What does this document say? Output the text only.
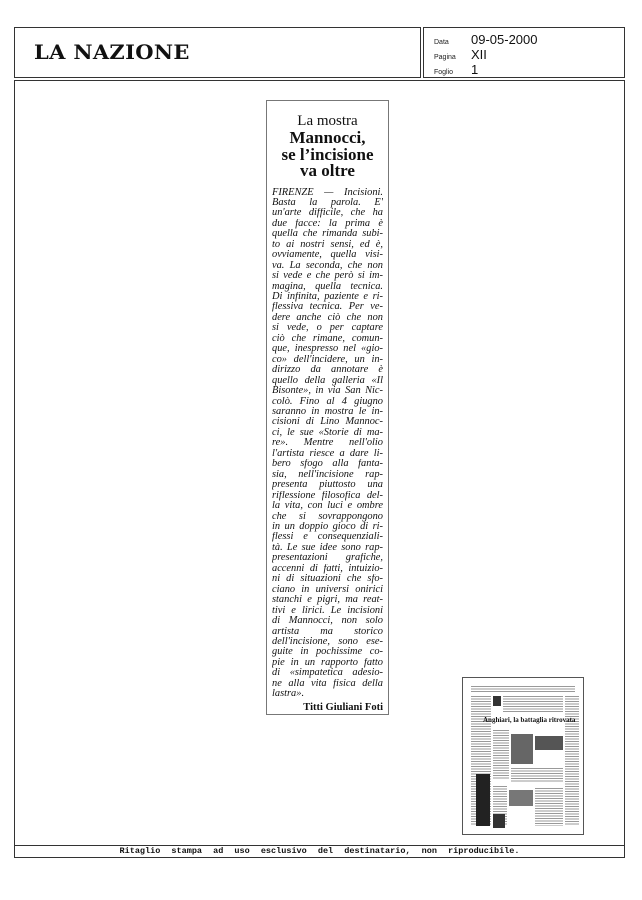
LA NAZIONE	Data	09-05-2000
Pagina	XII
Foglio	1
La mostra
Mannocci,
se l’incisione
va oltre
FIRENZE — Incisioni.
Basta la parola. E'
un'arte difficile, che ha
due facce: la prima è
quella che rimanda subi-
to ai nostri sensi, ed è,
ovviamente, quella visi-
va. La seconda, che non
si vede e che però si im-
magina, quella tecnica.
Di infinita, paziente e ri-
flessiva tecnica. Per ve-
dere anche ciò che non
si vede, o per captare
ciò che rimane, comun-
que, inespresso nel «gio-
co» dell'incidere, un in-
dirizzo da annotare è
quello della galleria «Il
Bisonte», in via San Nic-
colò. Fino al 4 giugno
saranno in mostra le in-
cisioni di Lino Mannoc-
ci, le sue «Storie di ma-
re». Mentre nell'olio
l'artista riesce a dare li-
bero sfogo alla fanta-
sia, nell'incisione rap-
presenta piuttosto una
riflessione filosofica del-
la vita, con luci e ombre
che si sovrappongono
in un doppio gioco di ri-
flessi e consequenziali-
tà. Le sue idee sono rap-
presentazioni grafiche,
accenni di fatti, intuizio-
ni di situazioni che sfo-
ciano in universi onirici
stanchi e pigri, ma reat-
tivi e lirici. Le incisioni
di Mannocci, non solo
artista ma storico
dell'incisione, sono ese-
guite in pochissime co-
pie in un rapporto fatto
di «simpatetica adesio-
ne alla vita fisica della
lastra».
Titti Giuliani Foti
Anghiari, la battaglia ritrovata
Ritaglio stampa ad uso esclusivo del destinatario, non riproducibile.
